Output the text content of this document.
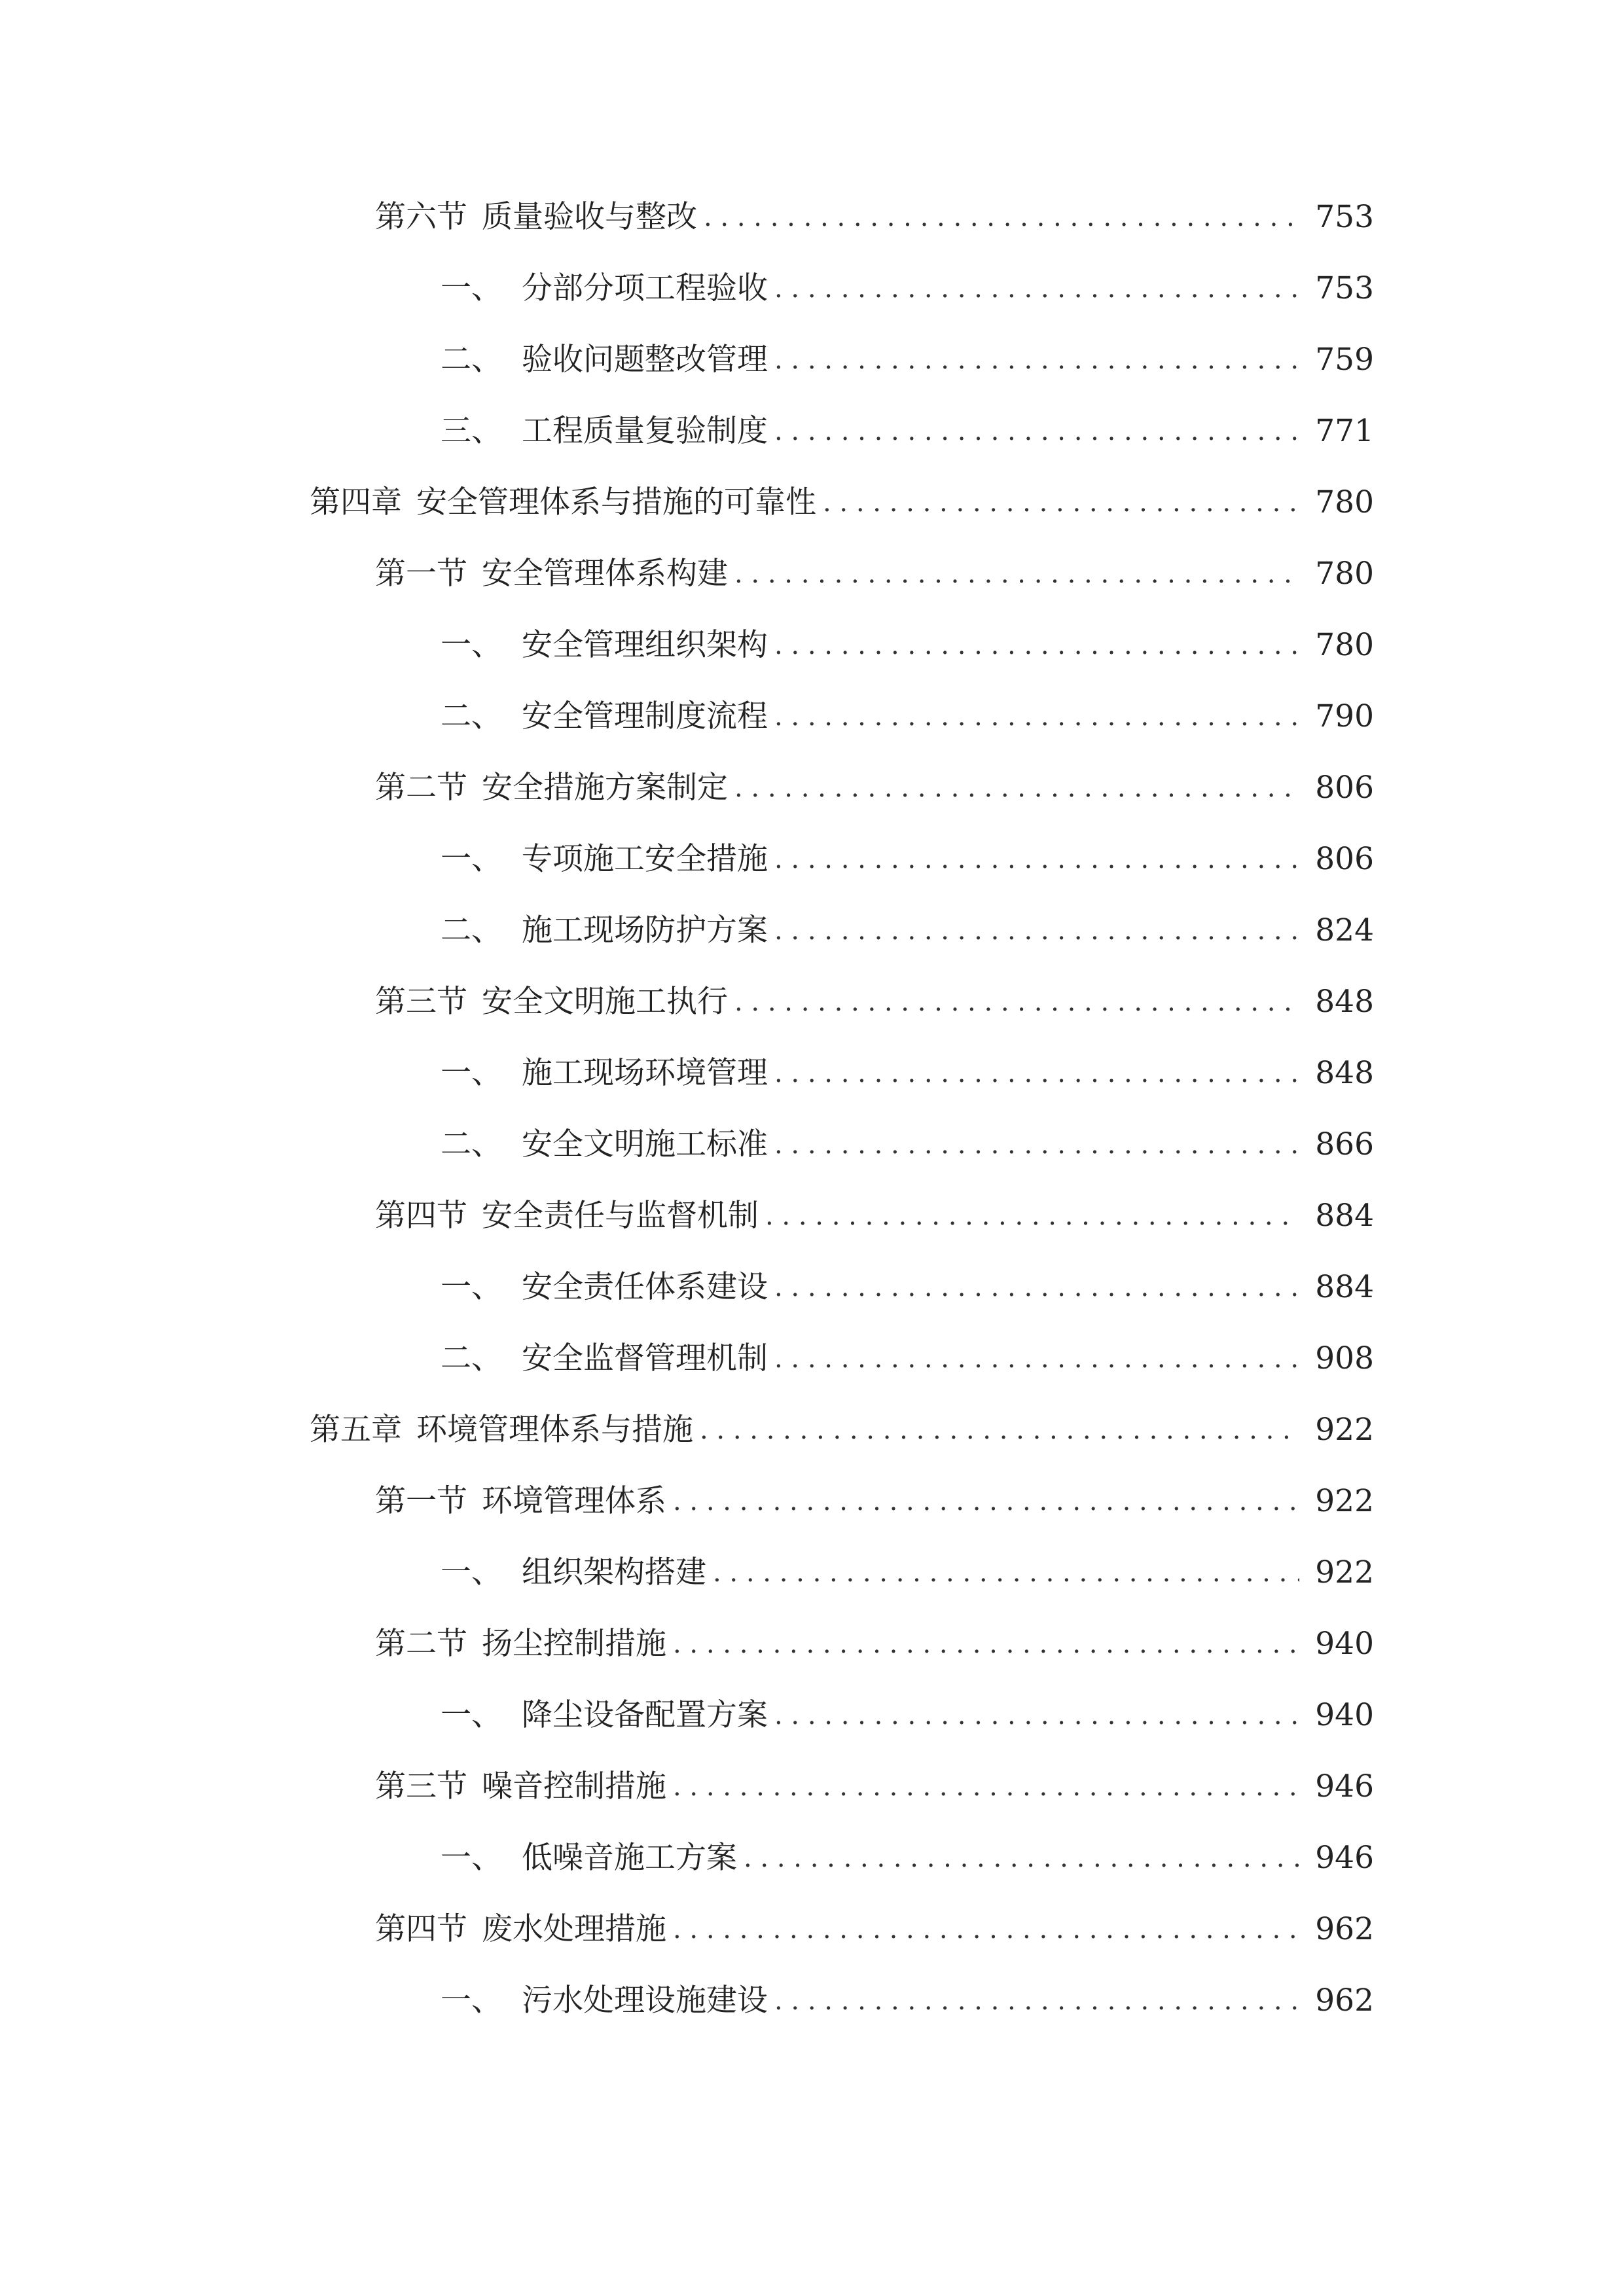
第六节 质量验收与整改 . . .	753
一、 分部分项工程验收 . . .	753
二、 验收问题整改管理 . . .	759
三、 工程质量复验制度 . . .	771
第四章 安全管理体系与措施的可靠性 . . .	780
第一节 安全管理体系构建 . . .	780
一、 安全管理组织架构 . . .	780
二、 安全管理制度流程 . . .	790
第二节 安全措施方案制定 . . .	806
一、 专项施工安全措施 . . .	806
二、 施工现场防护方案 . . .	824
第三节 安全文明施工执行 . . .	848
一、 施工现场环境管理 . . .	848
二、 安全文明施工标准 . . .	866
第四节 安全责任与监督机制 . . .	884
一、 安全责任体系建设 . . .	884
二、 安全监督管理机制 . . .	908
第五章 环境管理体系与措施 . . .	922
第一节 环境管理体系 . . .	922
一、 组织架构搭建 . . .	922
第二节 扬尘控制措施 . . .	940
一、 降尘设备配置方案 . . .	940
第三节 噪音控制措施 . . .	946
一、 低噪音施工方案 . . .	946
第四节 废水处理措施 . . .	962
一、 污水处理设施建设 . . .	962
